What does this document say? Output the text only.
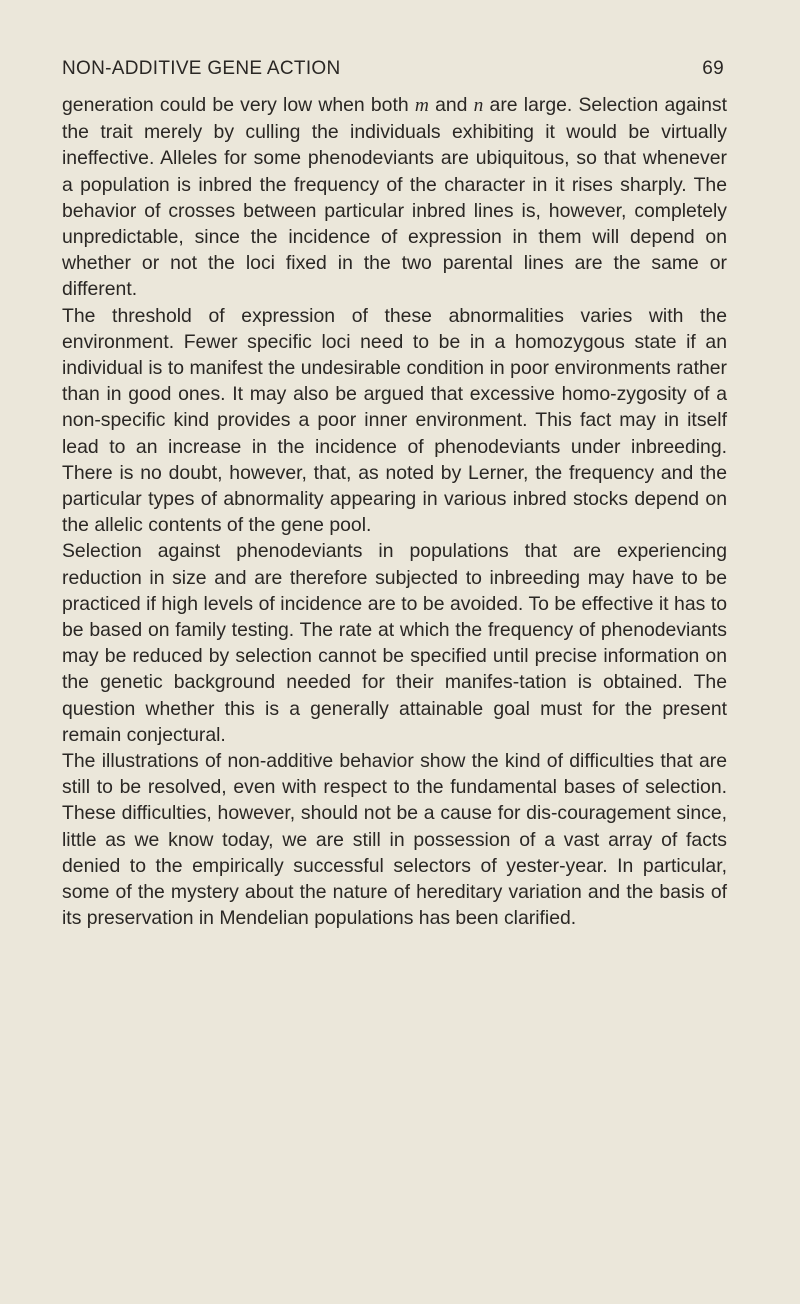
NON-ADDITIVE GENE ACTION	69

generation could be very low when both m and n are large. Selection against the trait merely by culling the individuals exhibiting it would be virtually ineffective. Alleles for some phenodeviants are ubiquitous, so that whenever a population is inbred the frequency of the character in it rises sharply. The behavior of crosses between particular inbred lines is, however, completely unpredictable, since the incidence of expression in them will depend on whether or not the loci fixed in the two parental lines are the same or different.

The threshold of expression of these abnormalities varies with the environment. Fewer specific loci need to be in a homozygous state if an individual is to manifest the undesirable condition in poor environments rather than in good ones. It may also be argued that excessive homo-zygosity of a non-specific kind provides a poor inner environment. This fact may in itself lead to an increase in the incidence of phenodeviants under inbreeding. There is no doubt, however, that, as noted by Lerner, the frequency and the particular types of abnormality appearing in various inbred stocks depend on the allelic contents of the gene pool.

Selection against phenodeviants in populations that are experiencing reduction in size and are therefore subjected to inbreeding may have to be practiced if high levels of incidence are to be avoided. To be effective it has to be based on family testing. The rate at which the frequency of phenodeviants may be reduced by selection cannot be specified until precise information on the genetic background needed for their manifes-tation is obtained. The question whether this is a generally attainable goal must for the present remain conjectural.

The illustrations of non-additive behavior show the kind of difficulties that are still to be resolved, even with respect to the fundamental bases of selection. These difficulties, however, should not be a cause for dis-couragement since, little as we know today, we are still in possession of a vast array of facts denied to the empirically successful selectors of yester-year. In particular, some of the mystery about the nature of hereditary variation and the basis of its preservation in Mendelian populations has been clarified.
